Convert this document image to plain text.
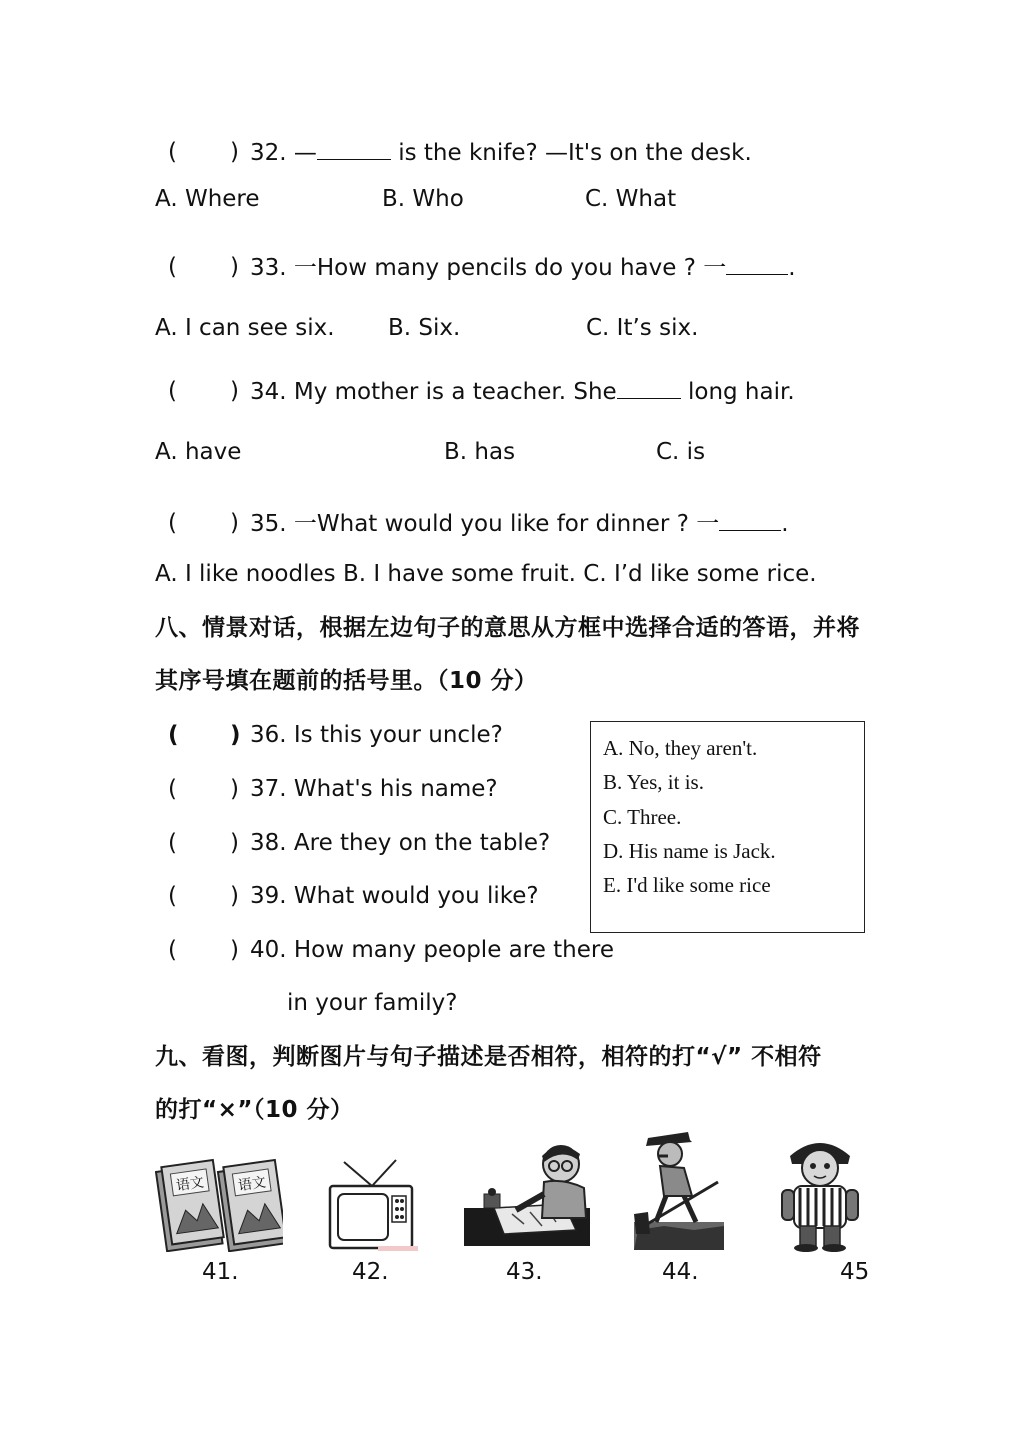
( ) 32. —	is the knife? —It's on the desk.
A. Where	B. Who	C. What
( ) 33. 一How many pencils do you have ? 一	.
A. I can see six. B. Six.	C. It’s six.
( ) 34. My mother is a teacher. She	long hair.
A. have	B. has	C. is
( ) 35. 一What would you like for dinner ? 一	.
A. I like noodles B. I have some fruit. C. I’d like some rice.
八、情景对话，根据左边句子的意思从方框中选择合适的答语，并将
其序号填在题前的括号里。（10 分）
( ) 36. Is this your uncle?
( ) 37. What's his name?
( ) 38. Are they on the table?
( ) 39. What would you like?
( ) 40. How many people are there
in your family?
A. No, they aren't.
B. Yes, it is.
C. Three.
D. His name is Jack.
E. I'd like some rice
九、看图，判断图片与句子描述是否相符，相符的打“√” 不相符
的打“×”（10 分）
语文 语文
41.	42.	43.	44.	45
